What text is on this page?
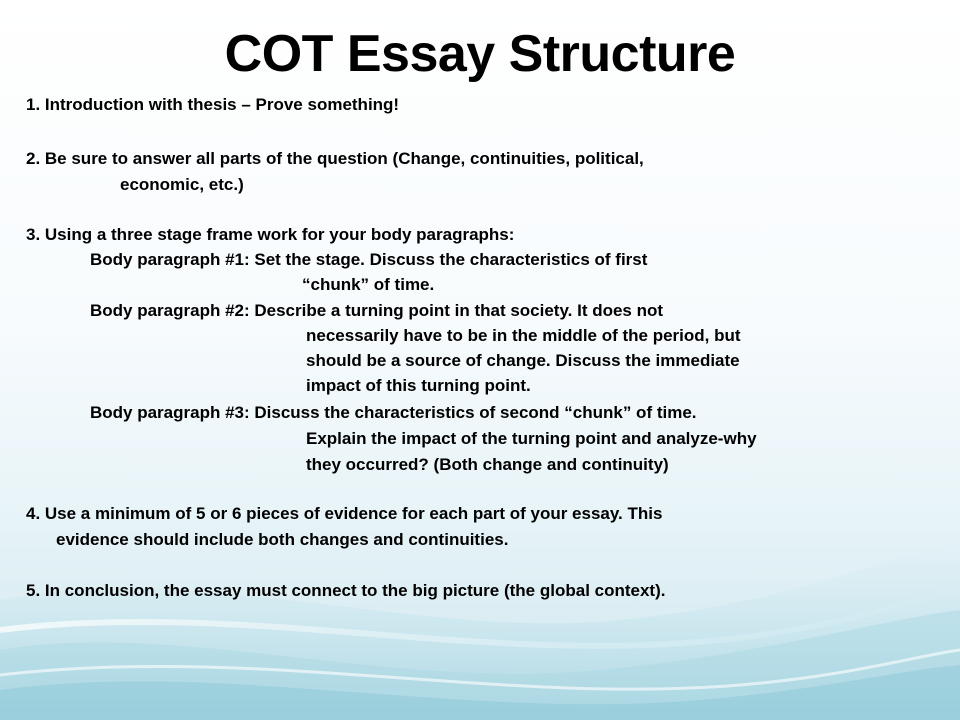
COT Essay Structure
1. Introduction with thesis – Prove something!
2. Be sure to answer all parts of the question (Change, continuities, political,
economic, etc.)
3. Using a three stage frame work for your body paragraphs:
Body paragraph #1: Set the stage. Discuss the characteristics of first
“chunk” of time.
Body paragraph #2: Describe a turning point in that society. It does not
necessarily have to be in the middle of the period, but
should be a source of change. Discuss the immediate
impact of this turning point.
Body paragraph #3: Discuss the characteristics of second “chunk” of time.
Explain the impact of the turning point and analyze-why
they occurred? (Both change and continuity)
4. Use a minimum of 5 or 6 pieces of evidence for each part of your essay. This
evidence should include both changes and continuities.
5. In conclusion, the essay must connect to the big picture (the global context).
